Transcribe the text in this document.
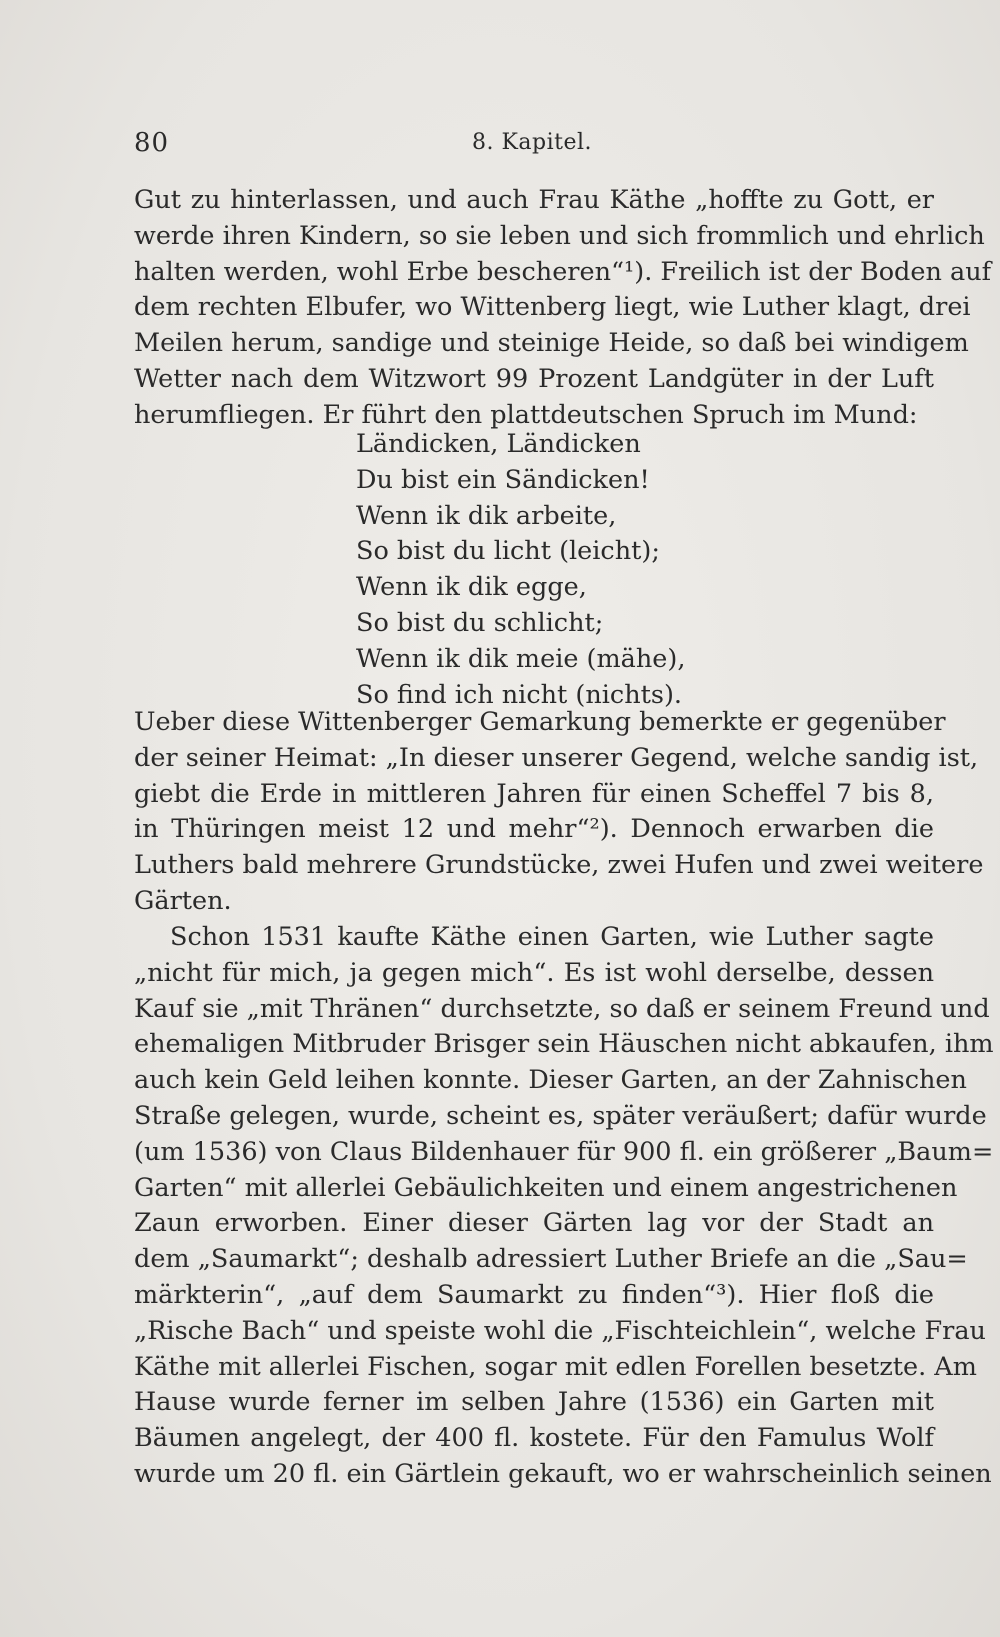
80	8. Kapitel.
Gut zu hinterlassen, und auch Frau Käthe „hoffte zu Gott, er
werde ihren Kindern, so sie leben und sich frommlich und ehrlich
halten werden, wohl Erbe bescheren“¹). Freilich ist der Boden auf
dem rechten Elbufer, wo Wittenberg liegt, wie Luther klagt, drei
Meilen herum, sandige und steinige Heide, so daß bei windigem
Wetter nach dem Witzwort 99 Prozent Landgüter in der Luft
herumfliegen. Er führt den plattdeutschen Spruch im Mund:
Ländicken, Ländicken
Du bist ein Sändicken!
Wenn ik dik arbeite,
So bist du licht (leicht);
Wenn ik dik egge,
So bist du schlicht;
Wenn ik dik meie (mähe),
So find ich nicht (nichts).
Ueber diese Wittenberger Gemarkung bemerkte er gegenüber
der seiner Heimat: „In dieser unserer Gegend, welche sandig ist,
giebt die Erde in mittleren Jahren für einen Scheffel 7 bis 8,
in Thüringen meist 12 und mehr“²). Dennoch erwarben die
Luthers bald mehrere Grundstücke, zwei Hufen und zwei weitere
Gärten.
Schon 1531 kaufte Käthe einen Garten, wie Luther sagte
„nicht für mich, ja gegen mich“. Es ist wohl derselbe, dessen
Kauf sie „mit Thränen“ durchsetzte, so daß er seinem Freund und
ehemaligen Mitbruder Brisger sein Häuschen nicht abkaufen, ihm
auch kein Geld leihen konnte. Dieser Garten, an der Zahnischen
Straße gelegen, wurde, scheint es, später veräußert; dafür wurde
(um 1536) von Claus Bildenhauer für 900 fl. ein größerer „Baum=
Garten“ mit allerlei Gebäulichkeiten und einem angestrichenen
Zaun erworben. Einer dieser Gärten lag vor der Stadt an
dem „Saumarkt“; deshalb adressiert Luther Briefe an die „Sau=
märkterin“, „auf dem Saumarkt zu finden“³). Hier floß die
„Rische Bach“ und speiste wohl die „Fischteichlein“, welche Frau
Käthe mit allerlei Fischen, sogar mit edlen Forellen besetzte. Am
Hause wurde ferner im selben Jahre (1536) ein Garten mit
Bäumen angelegt, der 400 fl. kostete. Für den Famulus Wolf
wurde um 20 fl. ein Gärtlein gekauft, wo er wahrscheinlich seinen
